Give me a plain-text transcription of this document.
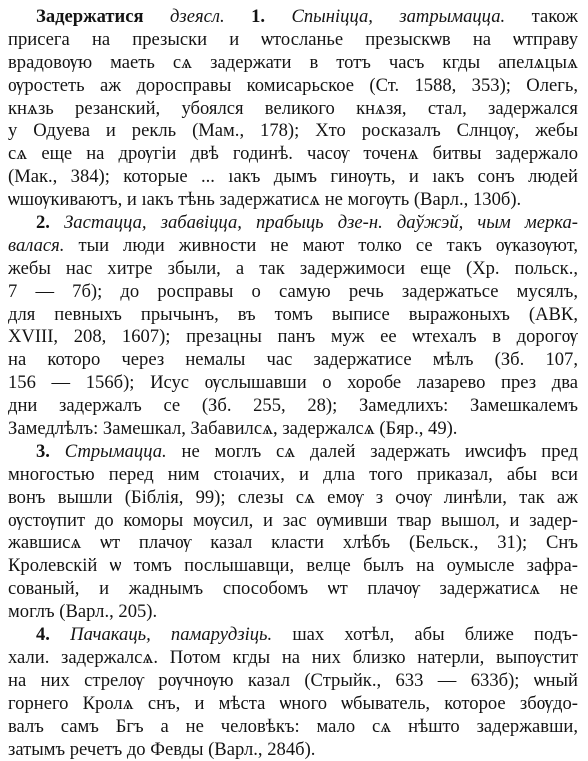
Задержатися дзеясл. 1. Спыніцца, затрымацца. також
присега на презыски и ѡтосланье презыскѡв на ѡтправу
врадовѹю маеть сѧ задержати в тотъ часъ кгды апелѧцыѧ
ѹростеть аж доросправы комисарьское (Ст. 1588, 353); Олегь,
кнѧзь резанский, убоялся великого кнѧзя, стал, задержался
у Одуева и рекль (Мам., 178); Хто росказалъ Слнцѹ, жебы
сѧ еще на дрѹгiи двѣ годинѣ. часѹ точенѧ битвы задержало
(Мак., 384); которые ... ıакъ дымъ гинѹть, и ıакъ сонъ людей
ѡшѹкиваютъ, и ıакъ тѣнь задержатисѧ не могѹть (Варл., 130б).
2. Застацца, забавіцца, прабыць дзе-н. даўжэй, чым мерка-
валася. тыи люди живности не мают толко се такъ ѹказѹют,
жебы нас хитре збыли, а так задержимоси еще (Хр. польск.,
7 — 7б); до росправы о самую речь задержатьсе мусялъ,
для певныхъ прычынъ, въ томъ выписе выражоныхъ (АВК,
XVIII, 208, 1607); презацны панъ муж ее ѡтехалъ в дорогѹ
на которо через немалы час задержатисе мѣлъ (Зб. 107,
156 — 156б); Исус ѹслышавши о хоробе лазарево през два
дни задержалъ се (Зб. 255, 28); Замедлихъ: Замешкалемъ
Замедлѣлъ: Замешкал, Забавилсѧ, задержалсѧ (Бяр., 49).
3. Стрымацца. не моглъ сѧ далей задержать иѡсифъ пред
многостью перед ним стоıачих, и длıа того приказал, абы вси
вонъ вышли (Біблія, 99); слезы сѧ емѹ з ѻчѹ линѣли, так аж
ѹстѹпит до коморы мѹсил, и зас ѹмивши твар вышол, и задер-
жавшисѧ ѡт плачѹ казал класти хлѣбъ (Бельск., 31); Снъ
Кролевскій ѡ томъ послышавщи, велце былъ на оумысле зафра-
сованый, и жаднымъ способомъ ѡт плачѹ задержатисѧ не
моглъ (Варл., 205).
4. Пачакаць, памарудзіць. шах хотѣл, абы ближе подъ-
хали. задержалсѧ. Потом кгды на них близко натерли, выпѹстит
на них стрелѹ рѹчнѹю казал (Стрыйк., 633 — 633б); ѡный
горнего Кролѧ снъ, и мѣста ѡного ѡбыватель, которое збѹдо-
валъ самъ Бгъ а не человѣкъ: мало сѧ нѣшто задержавши,
затымъ речетъ до Февды (Варл., 284б).
